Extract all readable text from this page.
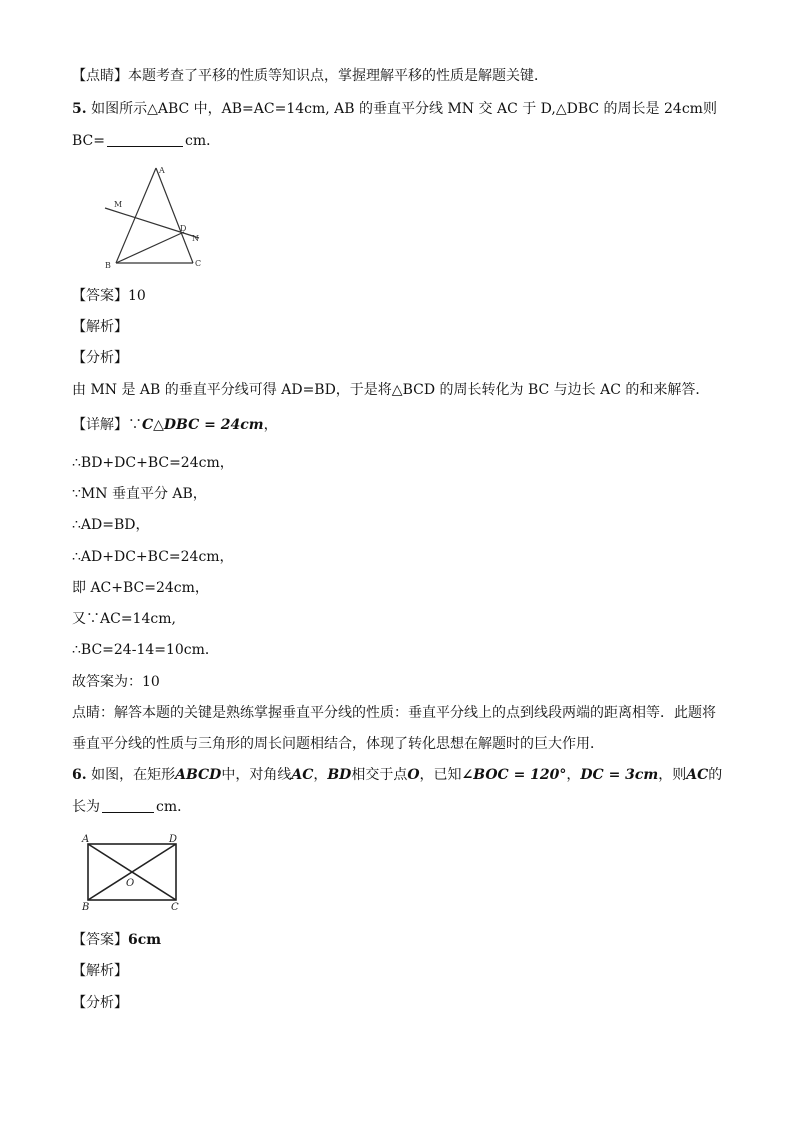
【点睛】本题考查了平移的性质等知识点，掌握理解平移的性质是解题关键．
5. 如图所示△ABC 中，AB=AC=14cm, AB 的垂直平分线 MN 交 AC 于 D,△DBC 的周长是 24cm则
BC=	cm．
A
M
D
N
B	C
【答案】10
【解析】
【分析】
由 MN 是 AB 的垂直平分线可得 AD=BD，于是将△BCD 的周长转化为 BC 与边长 AC 的和来解答．
【详解】∵C△DBC = 24cm，
∴BD+DC+BC=24cm，
∵MN 垂直平分 AB，
∴AD=BD，
∴AD+DC+BC=24cm，
即 AC+BC=24cm，
又∵AC=14cm,
∴BC=24-14=10cm．
故答案为：10
点睛：解答本题的关键是熟练掌握垂直平分线的性质：垂直平分线上的点到线段两端的距离相等．此题将
垂直平分线的性质与三角形的周长问题相结合，体现了转化思想在解题时的巨大作用．
6. 如图，在矩形ABCD中，对角线AC，BD相交于点O，已知∠BOC = 120°，DC = 3cm，则AC的
长为	cm．
A	D
O
B	C
【答案】6cm
【解析】
【分析】
